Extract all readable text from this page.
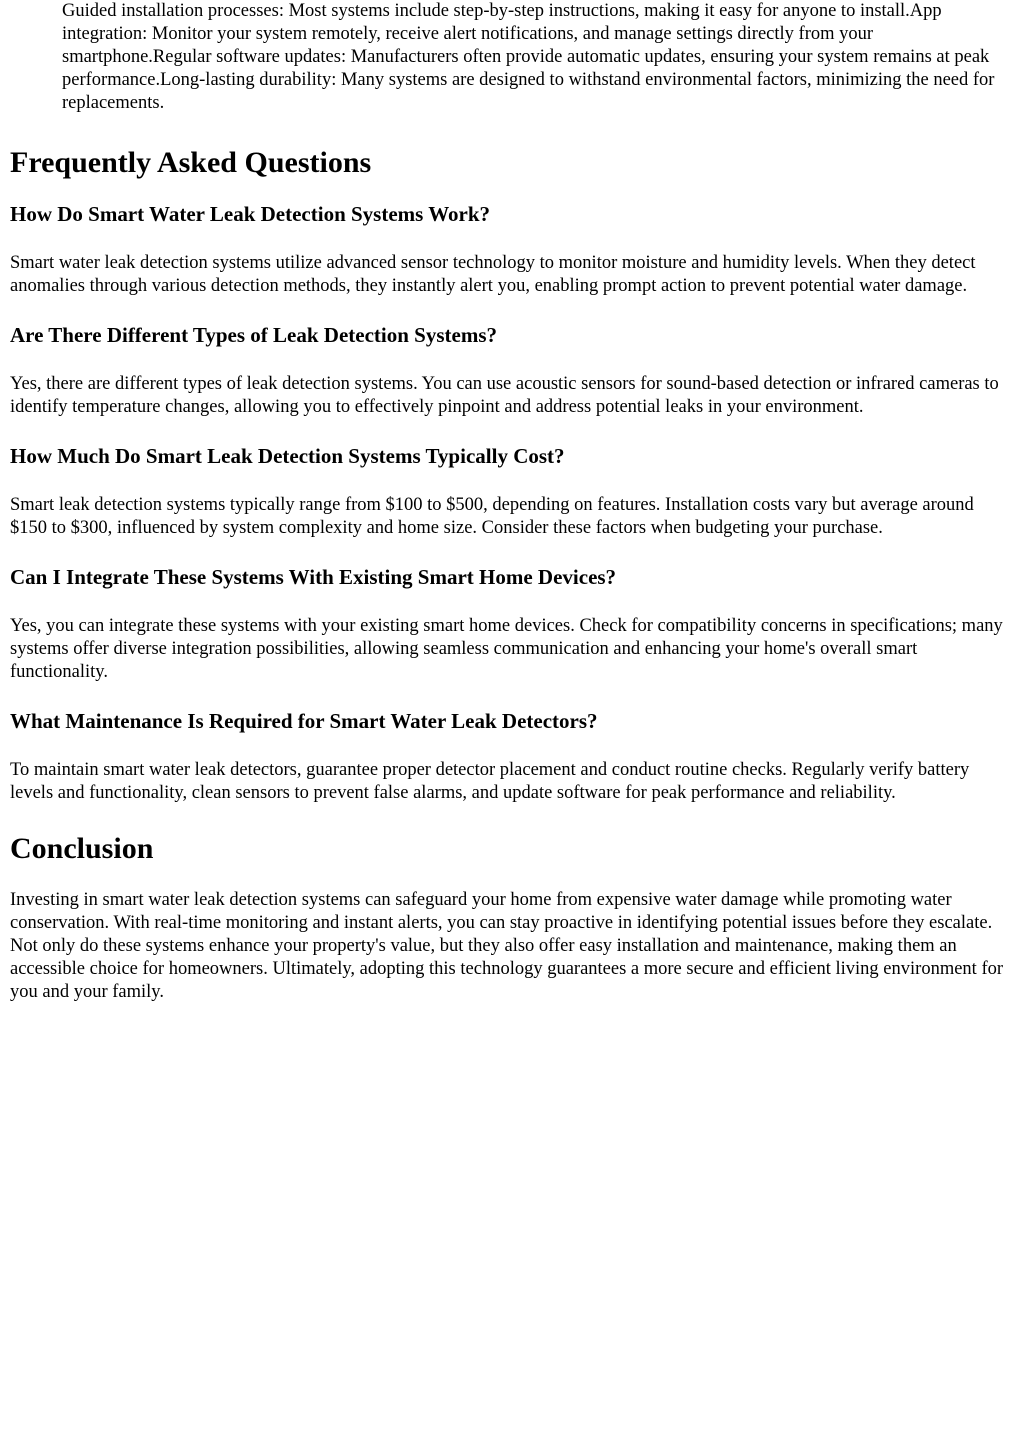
Guided installation processes: Most systems include step-by-step instructions, making it easy for anyone to install.App integration: Monitor your system remotely, receive alert notifications, and manage settings directly from your smartphone.Regular software updates: Manufacturers often provide automatic updates, ensuring your system remains at peak performance.Long-lasting durability: Many systems are designed to withstand environmental factors, minimizing the need for replacements.

Frequently Asked Questions
How Do Smart Water Leak Detection Systems Work?

Smart water leak detection systems utilize advanced sensor technology to monitor moisture and humidity levels. When they detect anomalies through various detection methods, they instantly alert you, enabling prompt action to prevent potential water damage.

Are There Different Types of Leak Detection Systems?

Yes, there are different types of leak detection systems. You can use acoustic sensors for sound-based detection or infrared cameras to identify temperature changes, allowing you to effectively pinpoint and address potential leaks in your environment.

How Much Do Smart Leak Detection Systems Typically Cost?

Smart leak detection systems typically range from $100 to $500, depending on features. Installation costs vary but average around $150 to $300, influenced by system complexity and home size. Consider these factors when budgeting your purchase.

Can I Integrate These Systems With Existing Smart Home Devices?

Yes, you can integrate these systems with your existing smart home devices. Check for compatibility concerns in specifications; many systems offer diverse integration possibilities, allowing seamless communication and enhancing your home's overall smart functionality.

What Maintenance Is Required for Smart Water Leak Detectors?

To maintain smart water leak detectors, guarantee proper detector placement and conduct routine checks. Regularly verify battery levels and functionality, clean sensors to prevent false alarms, and update software for peak performance and reliability.

Conclusion

Investing in smart water leak detection systems can safeguard your home from expensive water damage while promoting water conservation. With real-time monitoring and instant alerts, you can stay proactive in identifying potential issues before they escalate. Not only do these systems enhance your property's value, but they also offer easy installation and maintenance, making them an accessible choice for homeowners. Ultimately, adopting this technology guarantees a more secure and efficient living environment for you and your family.
